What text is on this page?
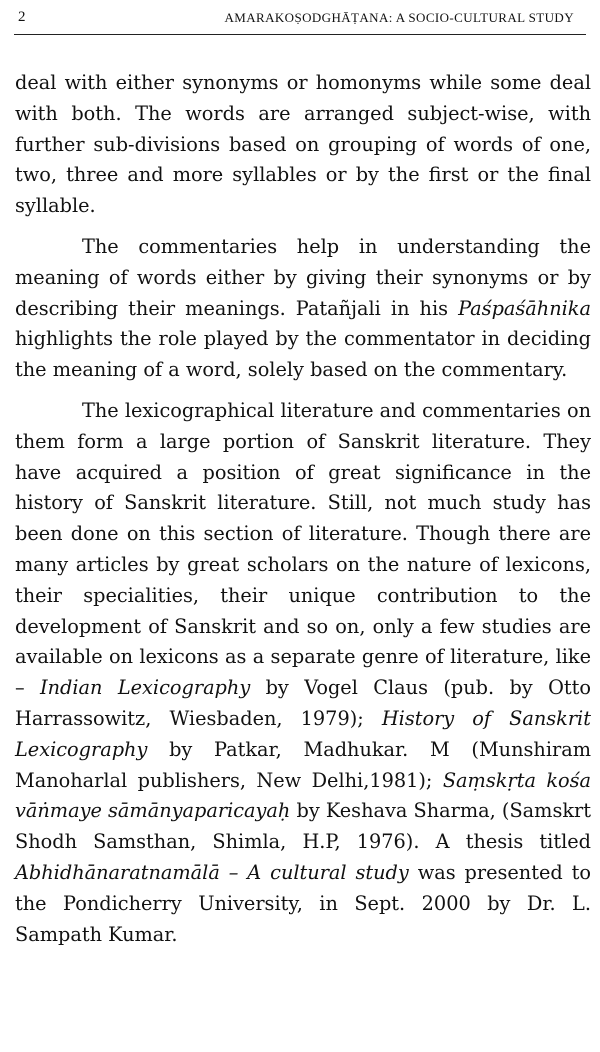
2	AMARAKOṢODGHĀṬANA: A SOCIO-CULTURAL STUDY

deal with either synonyms or homonyms while some deal with both. The words are arranged subject-wise, with further sub-divisions based on grouping of words of one, two, three and more syllables or by the first or the final syllable.

The commentaries help in understanding the meaning of words either by giving their synonyms or by describing their meanings. Patañjali in his Paśpaśāhnika highlights the role played by the commentator in deciding the meaning of a word, solely based on the commentary.

The lexicographical literature and commentaries on them form a large portion of Sanskrit literature. They have acquired a position of great significance in the history of Sanskrit literature. Still, not much study has been done on this section of literature. Though there are many articles by great scholars on the nature of lexicons, their specialities, their unique contribution to the development of Sanskrit and so on, only a few studies are available on lexicons as a separate genre of literature, like – Indian Lexicography by Vogel Claus (pub. by Otto Harrassowitz, Wiesbaden, 1979); History of Sanskrit Lexicography by Patkar, Madhukar. M (Munshiram Manoharlal publishers, New Delhi,1981); Saṃskṛta kośa vāṅmaye sāmānyaparicayaḥ by Keshava Sharma, (Samskrt Shodh Samsthan, Shimla, H.P, 1976). A thesis titled Abhidhānaratnamālā – A cultural study was presented to the Pondicherry University, in Sept. 2000 by Dr. L. Sampath Kumar.
